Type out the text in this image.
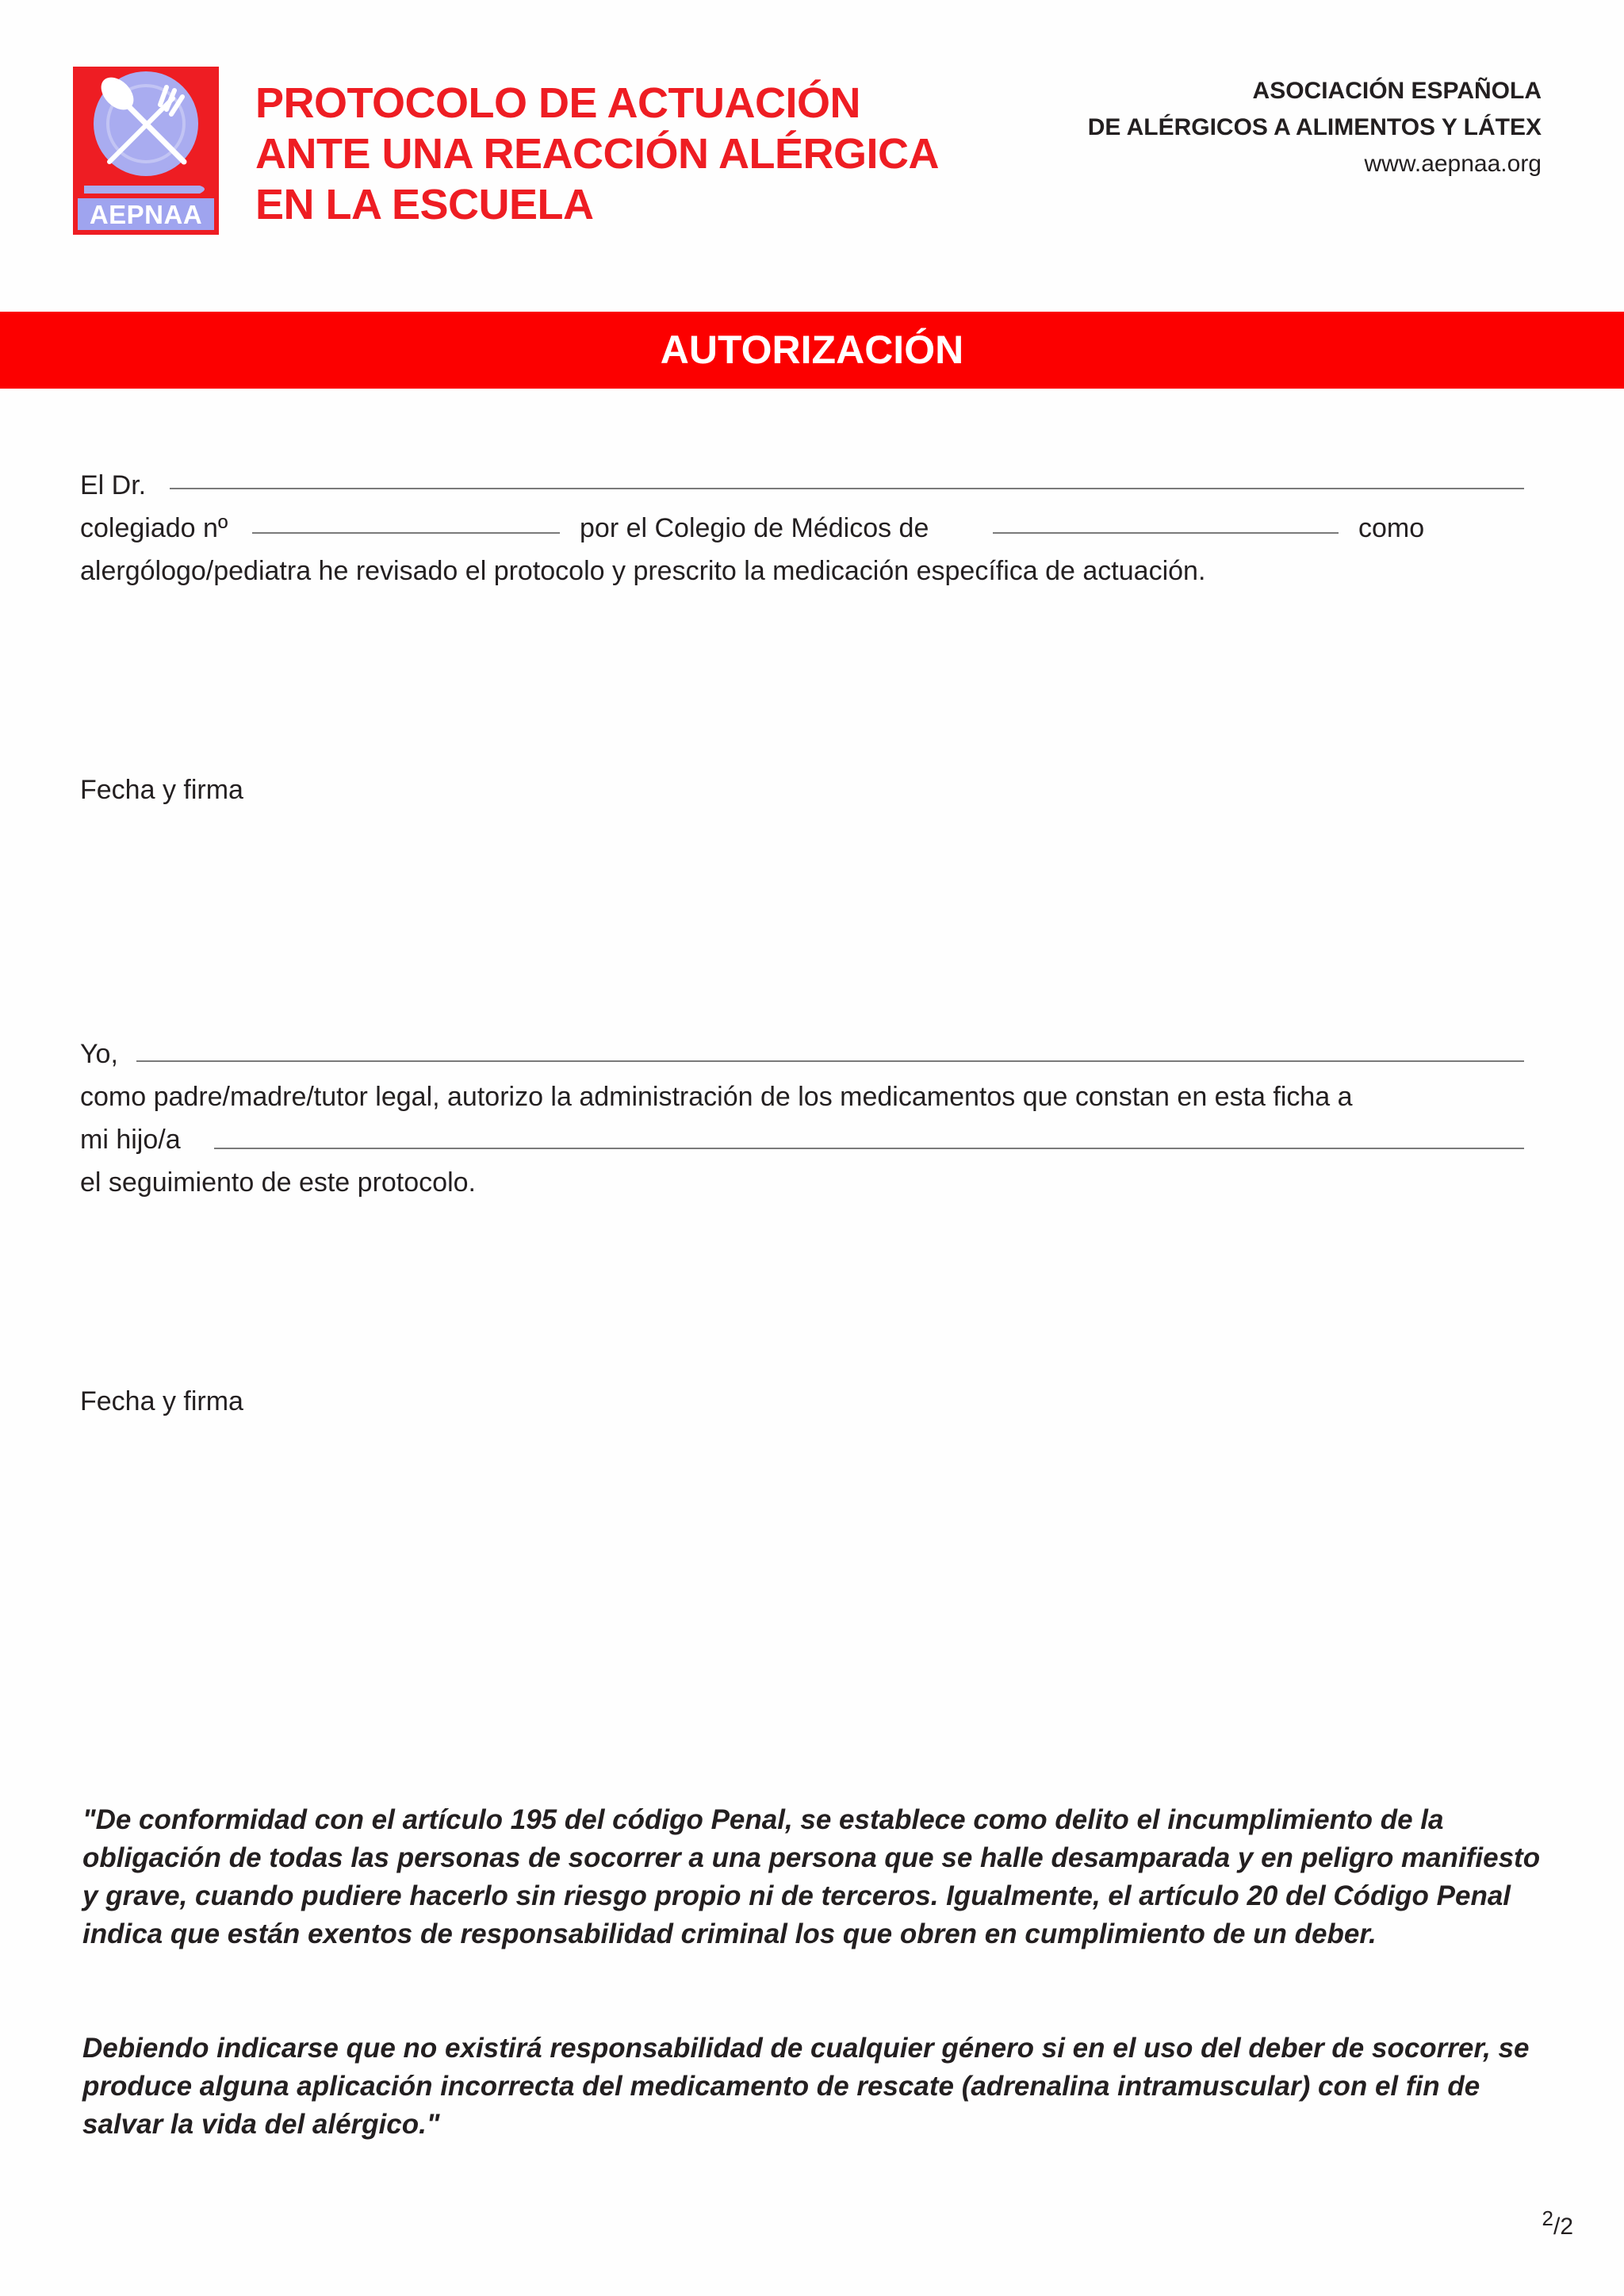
AEPNAA
PROTOCOLO DE ACTUACIÓN
ANTE UNA REACCIÓN ALÉRGICA
EN LA ESCUELA
ASOCIACIÓN ESPAÑOLA
DE ALÉRGICOS A ALIMENTOS Y LÁTEX
www.aepnaa.org
AUTORIZACIÓN
El Dr.
colegiado nº	por el Colegio de Médicos de	como
alergólogo/pediatra he revisado el protocolo y prescrito la medicación específica de actuación.
Fecha y firma
Yo,
como padre/madre/tutor legal, autorizo la administración de los medicamentos que constan en esta ficha a
mi hijo/a
el seguimiento de este protocolo.
Fecha y firma

"De conformidad con el artículo 195 del código Penal, se establece como delito el incumplimiento de la obligación de todas las personas de socorrer a una persona que se halle desamparada y en peligro manifiesto y grave, cuando pudiere hacerlo sin riesgo propio ni de terceros. Igualmente, el artículo 20 del Código Penal indica que están exentos de responsabilidad criminal los que obren en cumplimiento de un deber.

Debiendo indicarse que no existirá responsabilidad de cualquier género si en el uso del deber de socorrer, se produce alguna aplicación incorrecta del medicamento de rescate (adrenalina intramuscular) con el fin de salvar la vida del alérgico."

$^2$/2
